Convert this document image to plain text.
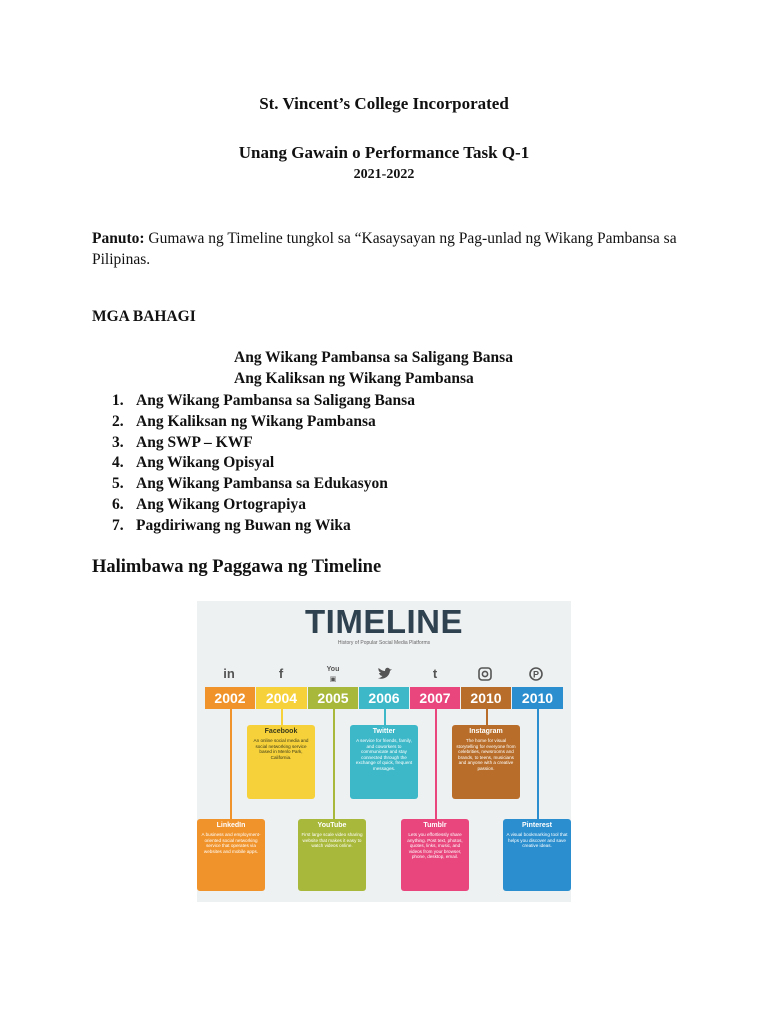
St. Vincent’s College Incorporated
Unang Gawain o Performance Task Q-1
2021-2022
Panuto: Gumawa ng Timeline tungkol sa “Kasaysayan ng Pag-unlad ng Wikang Pambansa sa Pilipinas.
MGA BAHAGI
Ang Wikang Pambansa sa Saligang Bansa
Ang Kaliksan ng Wikang Pambansa
1. Ang Wikang Pambansa sa Saligang Bansa
2. Ang Kaliksan ng Wikang Pambansa
3. Ang SWP – KWF
4. Ang Wikang Opisyal
5. Ang Wikang Pambansa sa Edukasyon
6. Ang Wikang Ortograpiya
7. Pagdiriwang ng Buwan ng Wika
Halimbawa ng Paggawa ng Timeline
TIMELINE
History of Popular Social Media Platforms
in	f	You
▣	t	P
2002	2004	2005	2006	2007	2010	2010
Facebook
An online social media and social networking service based in Menlo Park, California.
Twitter
A service for friends, family, and coworkers to communicate and stay connected through the exchange of quick, frequent messages.
Instagram
The home for visual storytelling for everyone from celebrities, newsrooms and brands, to teens, musicians and anyone with a creative passion.
LinkedIn
A business and employment-oriented social networking service that operates via websites and mobile apps.
YouTube
First large scale video sharing website that makes it easy to watch videos online.
Tumblr
Lets you effortlessly share anything. Post text, photos, quotes, links, music, and videos from your browser, phone, desktop, email.
Pinterest
A visual bookmarking tool that helps you discover and save creative ideas.
